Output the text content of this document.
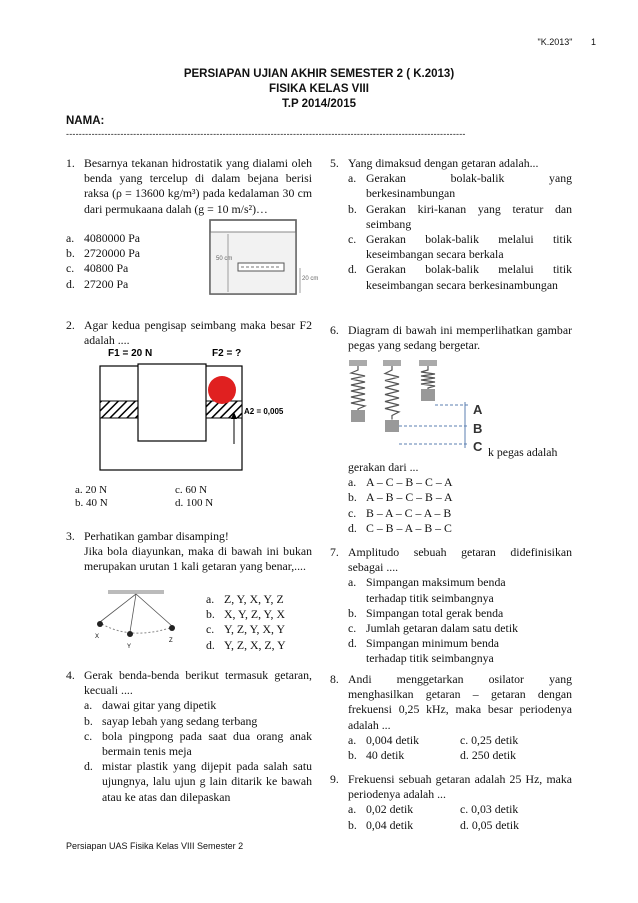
"K.2013" 1
PERSIAPAN UJIAN AKHIR SEMESTER 2 ( K.2013)
FISIKA KELAS VIII
T.P 2014/2015
NAMA:
-----------------------------------------------------------------------------------------------------------------------------
1. Besarnya tekanan hidrostatik yang dialami oleh benda yang tercelup di dalam bejana berisi raksa (ρ = 13600 kg/m³) pada kedalaman 30 cm dari permukaana dalah (g = 10 m/s²)…
a. 4080000 Pa
b. 2720000 Pa
c. 40800 Pa
d. 27200 Pa
50 cm
20 cm
2. Agar kedua pengisap seimbang maka besar F2 adalah ....
F1 = 20 N	F2 = ?
A2 = 0,005
a. 20 N	c. 60 N
b. 40 N	d. 100 N
3. Perhatikan gambar disamping!
Jika bola diayunkan, maka di bawah ini bukan merupakan urutan 1 kali getaran yang benar,....
X
Y
Z
a. Z, Y, X, Y, Z
b. X, Y, Z, Y, X
c. Y, Z, Y, X, Y
d. Y, Z, X, Z, Y
4. Gerak benda-benda berikut termasuk getaran, kecuali ....
a. dawai gitar yang dipetik
b. sayap lebah yang sedang terbang
c. bola pingpong pada saat dua orang anak bermain tenis meja
d. mistar plastik yang dijepit pada salah satu ujungnya, lalu ujun g lain ditarik ke bawah atau ke atas dan dilepaskan
5. Yang dimaksud dengan getaran adalah...
a. Gerakan bolak-balik yang berkesinambungan
b. Gerakan kiri-kanan yang teratur dan seimbang
c. Gerakan bolak-balik melalui titik keseimbangan secara berkala
d. Gerakan bolak-balik melalui titik keseimbangan secara berkesinambungan
6. Diagram di bawah ini memperlihatkan gambar pegas yang sedang bergetar.
A
B
C k pegas adalah
gerakan dari ...
a. A – C – B – C – A
b. A – B – C – B – A
c. B – A – C – A – B
d. C – B – A – B – C
7. Amplitudo sebuah getaran didefinisikan sebagai ....
a. Simpangan maksimum benda terhadap titik seimbangnya
b. Simpangan total gerak benda
c. Jumlah getaran dalam satu detik
d. Simpangan minimum benda terhadap titik seimbangnya
8. Andi menggetarkan osilator yang menghasilkan getaran – getaran dengan frekuensi 0,25 kHz, maka besar periodenya adalah ...
a. 0,004 detik	c. 0,25 detik
b. 40 detik	d. 250 detik
9. Frekuensi sebuah getaran adalah 25 Hz, maka periodenya adalah ...
a. 0,02 detik	c. 0,03 detik
b. 0,04 detik	d. 0,05 detik
Persiapan UAS Fisika Kelas VIII Semester 2
